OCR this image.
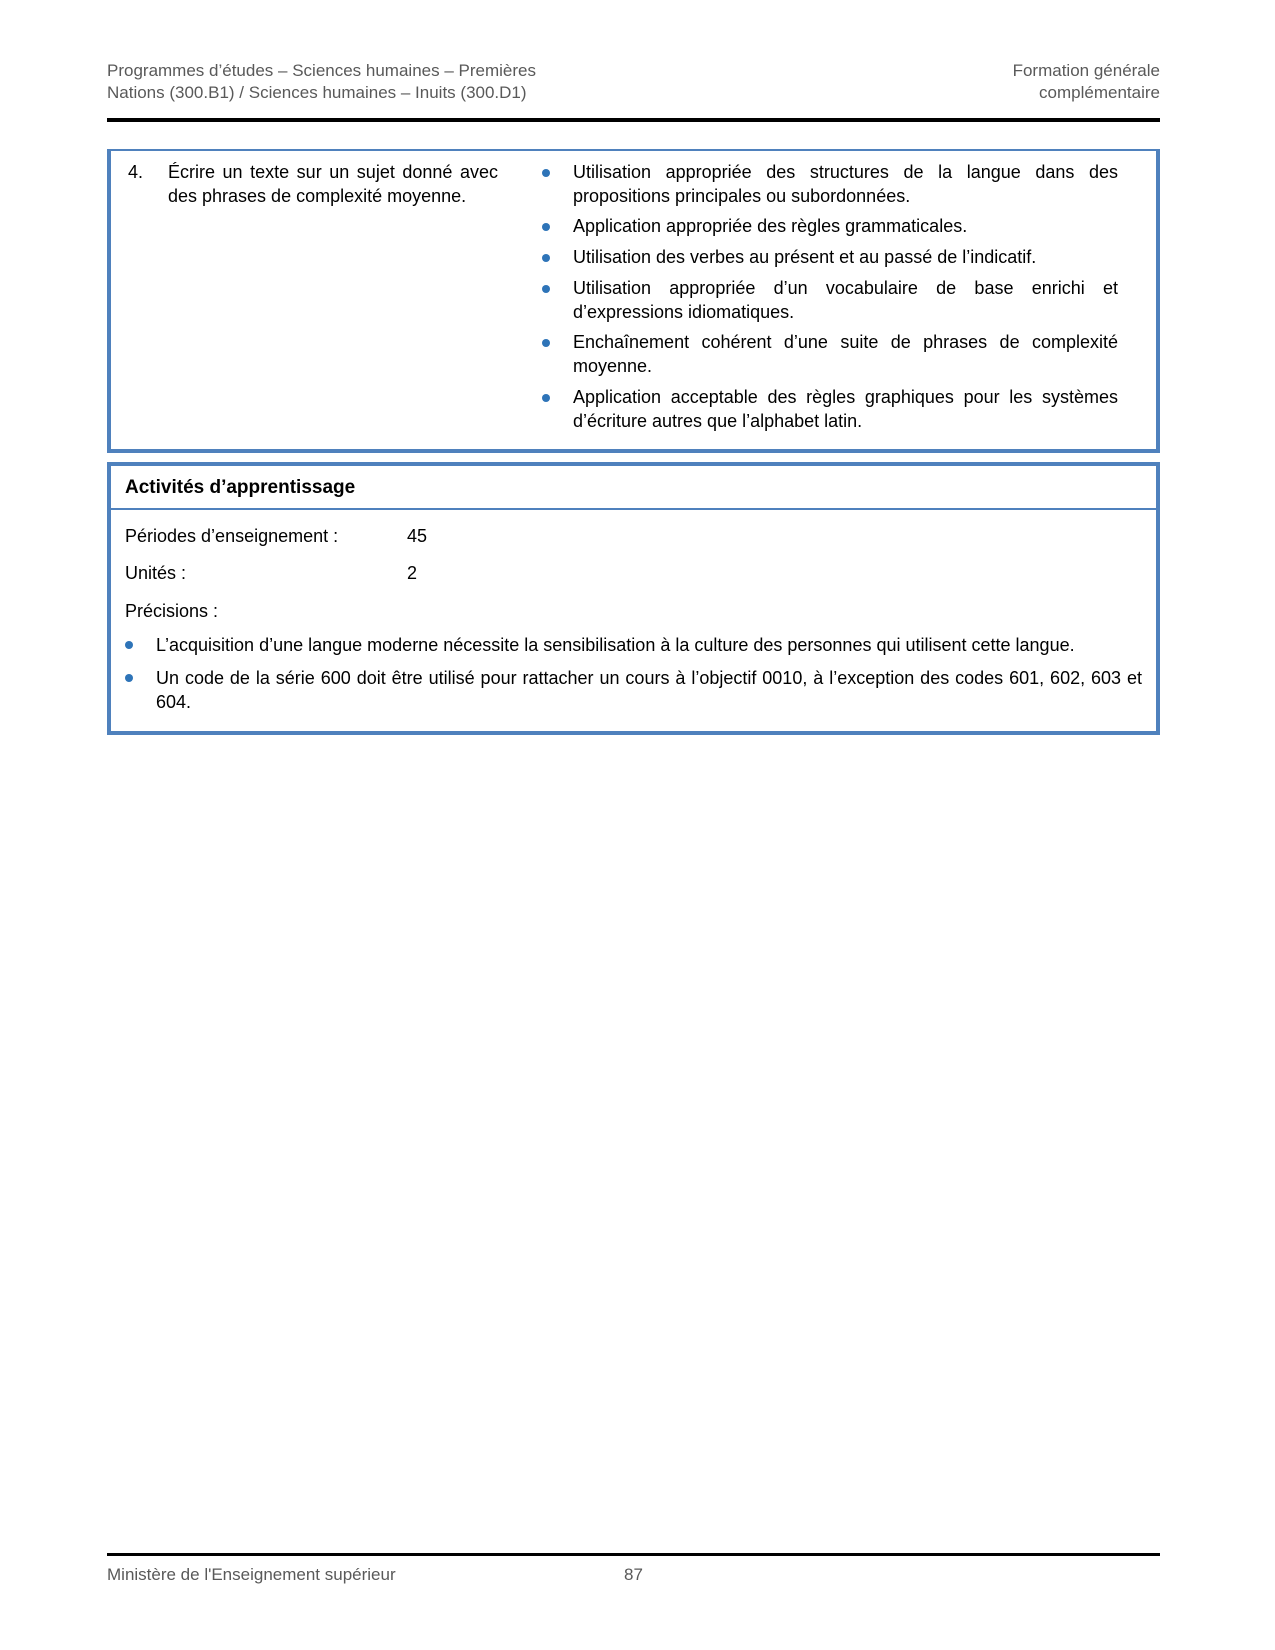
Programmes d’études – Sciences humaines – Premières
Nations (300.B1) / Sciences humaines – Inuits (300.D1)
Formation générale
complémentaire
4.	Écrire un texte sur un sujet donné avec des phrases de complexité moyenne.
Utilisation appropriée des structures de la langue dans des propositions principales ou subordonnées.
Application appropriée des règles grammaticales.
Utilisation des verbes au présent et au passé de l’indicatif.
Utilisation appropriée d’un vocabulaire de base enrichi et d’expressions idiomatiques.
Enchaînement cohérent d’une suite de phrases de complexité moyenne.
Application acceptable des règles graphiques pour les systèmes d’écriture autres que l’alphabet latin.
Activités d’apprentissage
Périodes d’enseignement :	45
Unités :	2
Précisions :
L’acquisition d’une langue moderne nécessite la sensibilisation à la culture des personnes qui utilisent cette langue.
Un code de la série 600 doit être utilisé pour rattacher un cours à l’objectif 0010, à l’exception des codes 601, 602, 603 et 604.
Ministère de l'Enseignement supérieur	87
